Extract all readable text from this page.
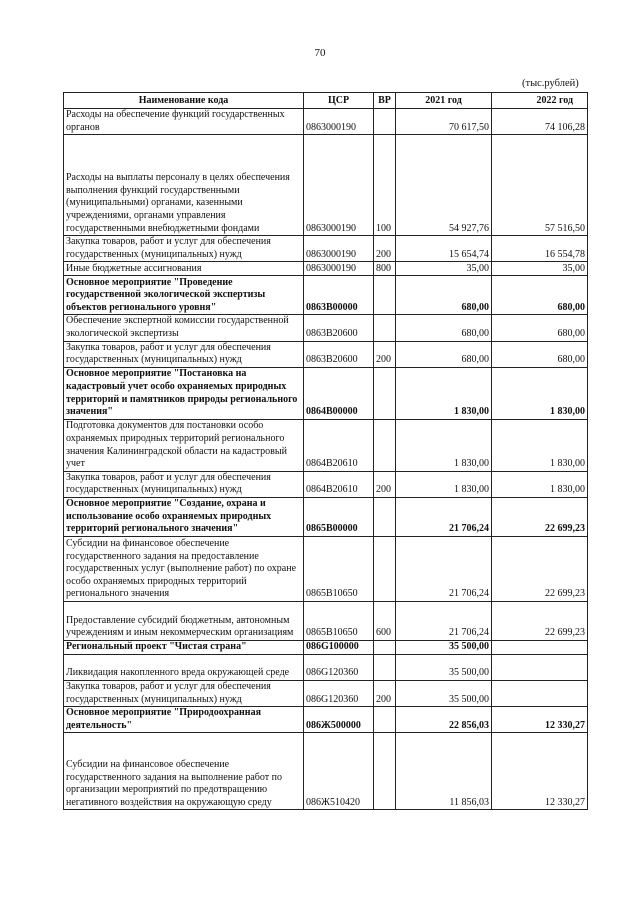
70
(тыс.рублей)
Наименование кода	ЦСР	ВР	2021 год	2022 год
Расходы на обеспечение функций государственных органов	0863000190		70 617,50	74 106,28
Расходы на выплаты персоналу в целях обеспечения выполнения функций государственными (муниципальными) органами, казенными учреждениями, органами управления государственными внебюджетными фондами	0863000190	100	54 927,76	57 516,50
Закупка товаров, работ и услуг для обеспечения государственных (муниципальных) нужд	0863000190	200	15 654,74	16 554,78
Иные бюджетные ассигнования	0863000190	800	35,00	35,00
Основное мероприятие "Проведение государственной экологической экспертизы объектов регионального уровня"	0863В00000		680,00	680,00
Обеспечение экспертной комиссии государственной экологической экспертизы	0863В20600		680,00	680,00
Закупка товаров, работ и услуг для обеспечения государственных (муниципальных) нужд	0863В20600	200	680,00	680,00
Основное мероприятие "Постановка на кадастровый учет особо охраняемых природных территорий и памятников природы регионального значения"	0864В00000		1 830,00	1 830,00
Подготовка документов для постановки особо охраняемых природных территорий регионального значения Калининградской области на кадастровый учет	0864В20610		1 830,00	1 830,00
Закупка товаров, работ и услуг для обеспечения государственных (муниципальных) нужд	0864В20610	200	1 830,00	1 830,00
Основное мероприятие "Создание, охрана и использование особо охраняемых природных территорий регионального значения"	0865В00000		21 706,24	22 699,23
Субсидии на финансовое обеспечение государственного задания на предоставление государственных услуг (выполнение работ) по охране особо охраняемых природных территорий регионального значения	0865В10650		21 706,24	22 699,23
Предоставление субсидий бюджетным, автономным учреждениям и иным некоммерческим организациям	0865В10650	600	21 706,24	22 699,23
Региональный проект "Чистая страна"	086G100000		35 500,00	
Ликвидация накопленного вреда окружающей среде	086G120360		35 500,00	
Закупка товаров, работ и услуг для обеспечения государственных (муниципальных) нужд	086G120360	200	35 500,00	
Основное мероприятие "Природоохранная деятельность"	086Ж500000		22 856,03	12 330,27
Субсидии на финансовое обеспечение государственного задания на выполнение работ по организации мероприятий по предотвращению негативного воздействия на окружающую среду	086Ж510420		11 856,03	12 330,27
